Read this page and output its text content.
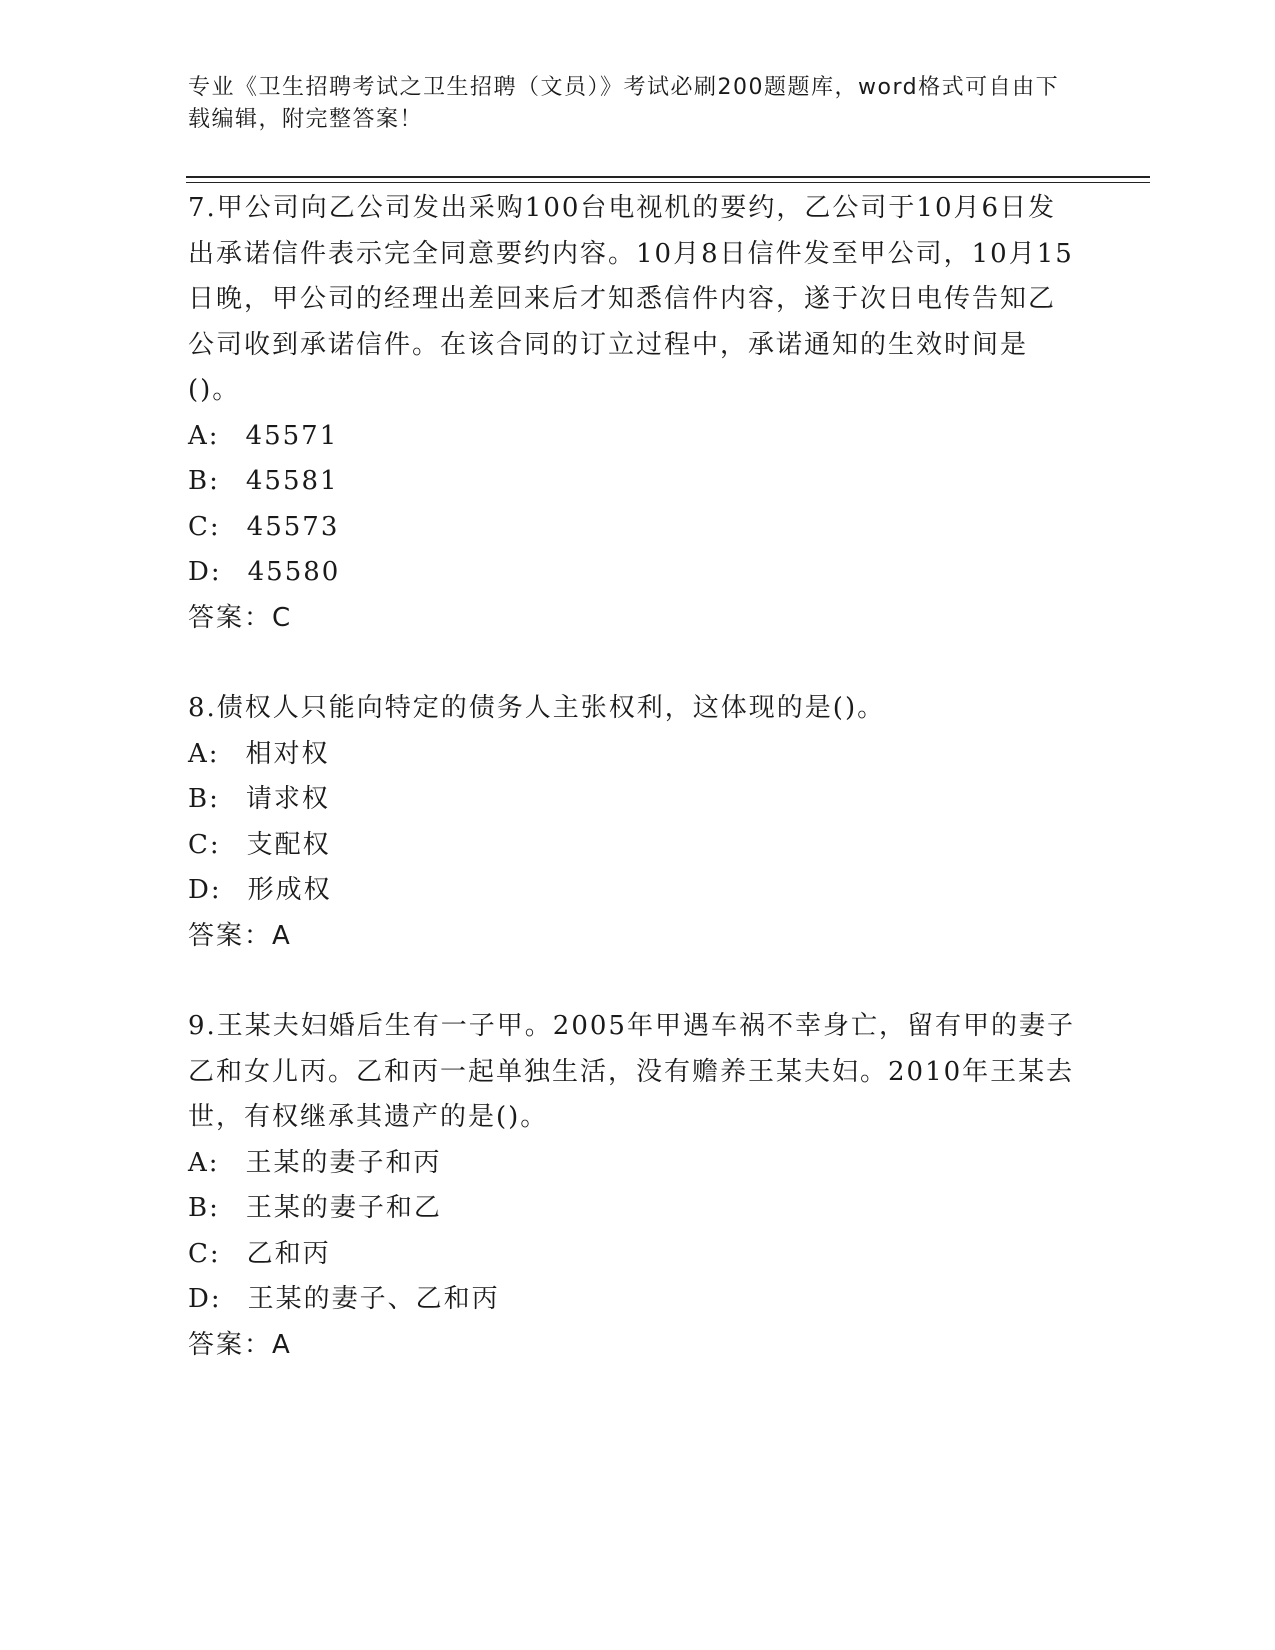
专业《卫生招聘考试之卫生招聘（文员）》考试必刷200题题库，word格式可自由下载编辑，附完整答案！

7.甲公司向乙公司发出采购100台电视机的要约，乙公司于10月6日发出承诺信件表示完全同意要约内容。10月8日信件发至甲公司，10月15日晚，甲公司的经理出差回来后才知悉信件内容，遂于次日电传告知乙公司收到承诺信件。在该合同的订立过程中，承诺通知的生效时间是()。

A: 45571
B: 45581
C: 45573
D: 45580
答案：C

8.债权人只能向特定的债务人主张权利，这体现的是()。

A: 相对权
B: 请求权
C: 支配权
D: 形成权
答案：A

9.王某夫妇婚后生有一子甲。2005年甲遇车祸不幸身亡，留有甲的妻子乙和女儿丙。乙和丙一起单独生活，没有赡养王某夫妇。2010年王某去世，有权继承其遗产的是()。

A: 王某的妻子和丙
B: 王某的妻子和乙
C: 乙和丙
D: 王某的妻子、乙和丙
答案：A
